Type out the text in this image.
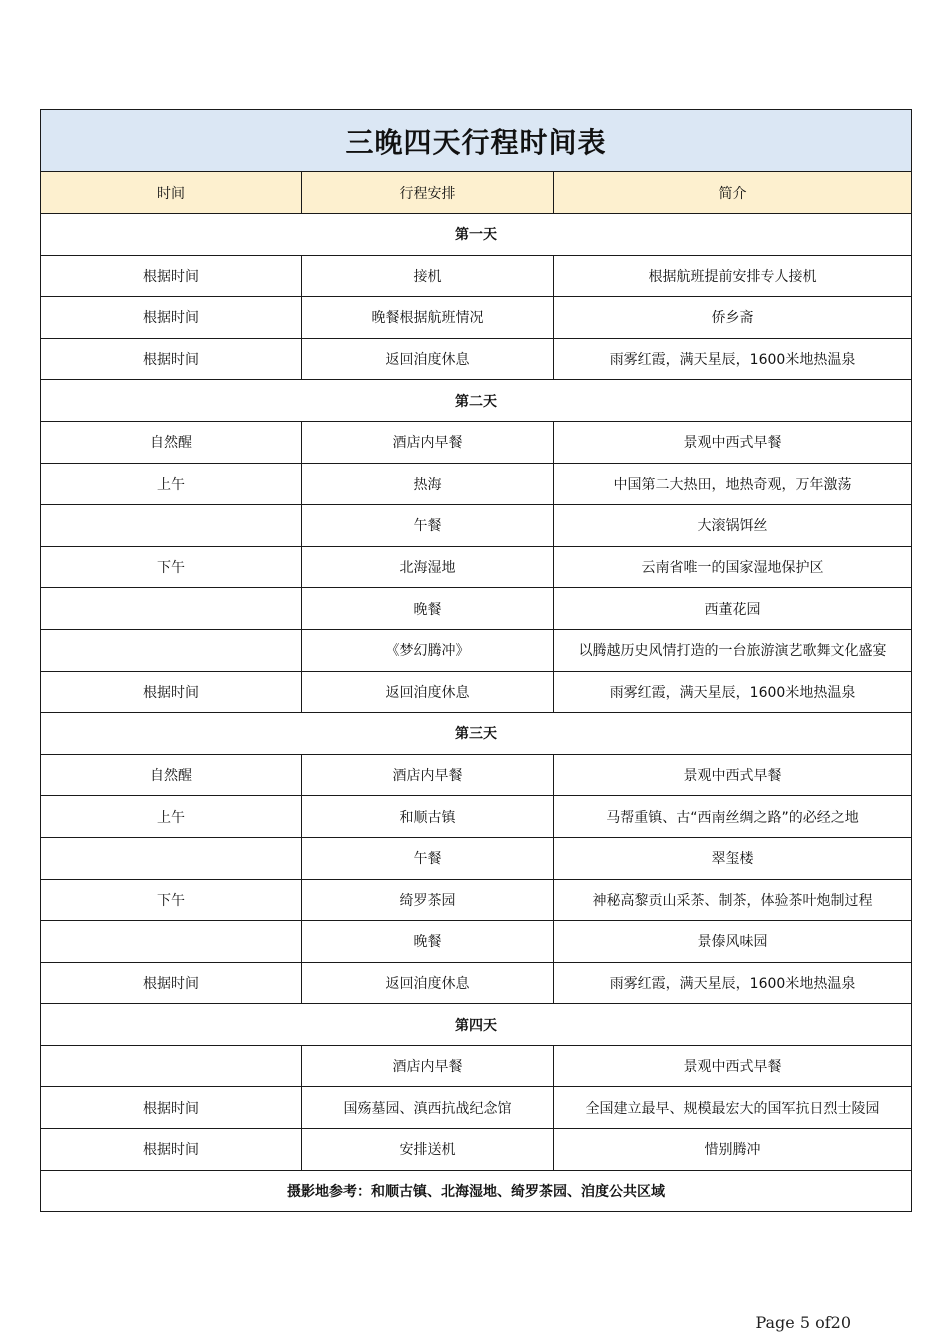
三晚四天行程时间表		
时间	行程安排	简介
第一天		
根据时间	接机	根据航班提前安排专人接机
根据时间	晚餐根据航班情况	侨乡斋
根据时间	返回洎度休息	雨雾红霞，满天星辰，1600米地热温泉
第二天		
自然醒	酒店内早餐	景观中西式早餐
上午	热海	中国第二大热田，地热奇观，万年激荡
	午餐	大滚锅饵丝
下午	北海湿地	云南省唯一的国家湿地保护区
	晚餐	西董花园
	《梦幻腾冲》	以腾越历史风情打造的一台旅游演艺歌舞文化盛宴
根据时间	返回洎度休息	雨雾红霞，满天星辰，1600米地热温泉
第三天		
自然醒	酒店内早餐	景观中西式早餐
上午	和顺古镇	马帮重镇、古“西南丝绸之路”的必经之地
	午餐	翠玺楼
下午	绮罗茶园	神秘高黎贡山采茶、制茶，体验茶叶炮制过程
	晚餐	景傣风味园
根据时间	返回洎度休息	雨雾红霞，满天星辰，1600米地热温泉
第四天		
	酒店内早餐	景观中西式早餐
根据时间	国殇墓园、滇西抗战纪念馆	全国建立最早、规模最宏大的国军抗日烈士陵园
根据时间	安排送机	惜别腾冲
摄影地参考：和顺古镇、北海湿地、绮罗茶园、洎度公共区域		
Page 5 of20
